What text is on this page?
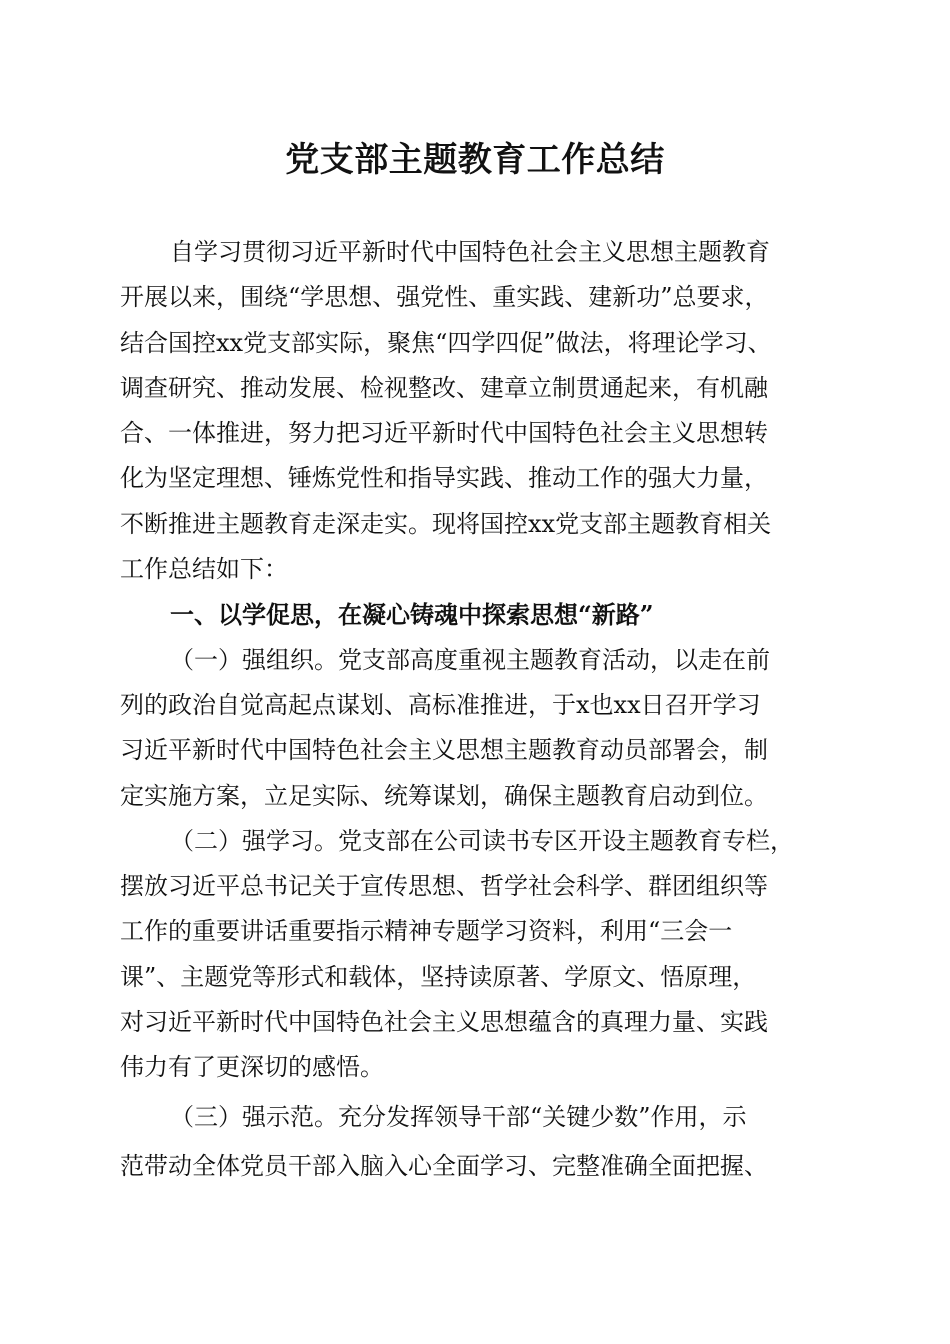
党支部主题教育工作总结
自学习贯彻习近平新时代中国特色社会主义思想主题教育
开展以来，围绕“学思想、强党性、重实践、建新功”总要求，
结合国控xx党支部实际，聚焦“四学四促”做法，将理论学习、
调查研究、推动发展、检视整改、建章立制贯通起来，有机融
合、一体推进，努力把习近平新时代中国特色社会主义思想转
化为坚定理想、锤炼党性和指导实践、推动工作的强大力量，
不断推进主题教育走深走实。现将国控xx党支部主题教育相关
工作总结如下：
一、以学促思，在凝心铸魂中探索思想“新路”
（一）强组织。党支部高度重视主题教育活动，以走在前
列的政治自觉高起点谋划、高标准推进，于x也xx日召开学习
习近平新时代中国特色社会主义思想主题教育动员部署会，制
定实施方案，立足实际、统筹谋划，确保主题教育启动到位。
（二）强学习。党支部在公司读书专区开设主题教育专栏，
摆放习近平总书记关于宣传思想、哲学社会科学、群团组织等
工作的重要讲话重要指示精神专题学习资料，利用“三会一
课”、主题党等形式和载体，坚持读原著、学原文、悟原理，
对习近平新时代中国特色社会主义思想蕴含的真理力量、实践
伟力有了更深切的感悟。
（三）强示范。充分发挥领导干部“关键少数”作用，示
范带动全体党员干部入脑入心全面学习、完整准确全面把握、
